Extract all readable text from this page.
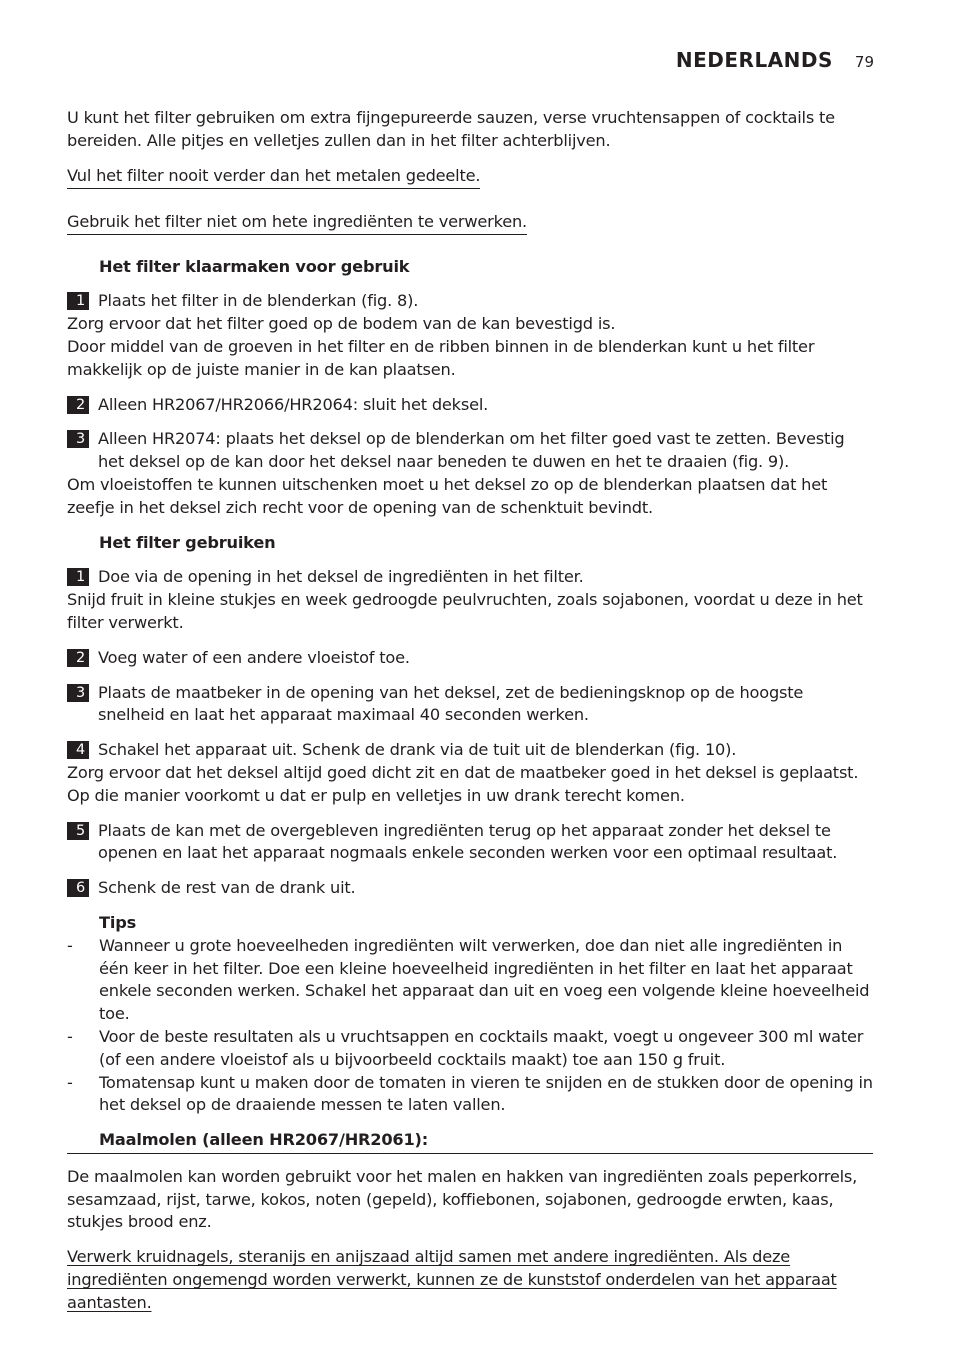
NEDERLANDS 79

U kunt het filter gebruiken om extra fijngepureerde sauzen, verse vruchtensappen of cocktails te bereiden. Alle pitjes en velletjes zullen dan in het filter achterblijven.

Vul het filter nooit verder dan het metalen gedeelte.
Gebruik het filter niet om hete ingrediënten te verwerken.

Het filter klaarmaken voor gebruik

1 Plaats het filter in de blenderkan (fig. 8).

Zorg ervoor dat het filter goed op de bodem van de kan bevestigd is.

Door middel van de groeven in het filter en de ribben binnen in de blenderkan kunt u het filter makkelijk op de juiste manier in de kan plaatsen.

2 Alleen HR2067/HR2066/HR2064: sluit het deksel.
3 Alleen HR2074: plaats het deksel op de blenderkan om het filter goed vast te zetten. Bevestig het deksel op de kan door het deksel naar beneden te duwen en het te draaien (fig. 9).

Om vloeistoffen te kunnen uitschenken moet u het deksel zo op de blenderkan plaatsen dat het zeefje in het deksel zich recht voor de opening van de schenktuit bevindt.

Het filter gebruiken

1 Doe via de opening in het deksel de ingrediënten in het filter.

Snijd fruit in kleine stukjes en week gedroogde peulvruchten, zoals sojabonen, voordat u deze in het filter verwerkt.

2 Voeg water of een andere vloeistof toe.
3 Plaats de maatbeker in de opening van het deksel, zet de bedieningsknop op de hoogste snelheid en laat het apparaat maximaal 40 seconden werken.
4 Schakel het apparaat uit. Schenk de drank via de tuit uit de blenderkan (fig. 10).

Zorg ervoor dat het deksel altijd goed dicht zit en dat de maatbeker goed in het deksel is geplaatst. Op die manier voorkomt u dat er pulp en velletjes in uw drank terecht komen.

5 Plaats de kan met de overgebleven ingrediënten terug op het apparaat zonder het deksel te openen en laat het apparaat nogmaals enkele seconden werken voor een optimaal resultaat.
6 Schenk de rest van de drank uit.

Tips

-	Wanneer u grote hoeveelheden ingrediënten wilt verwerken, doe dan niet alle ingrediënten in één keer in het filter. Doe een kleine hoeveelheid ingrediënten in het filter en laat het apparaat enkele seconden werken. Schakel het apparaat dan uit en voeg een volgende kleine hoeveelheid toe.
-	Voor de beste resultaten als u vruchtsappen en cocktails maakt, voegt u ongeveer 300 ml water (of een andere vloeistof als u bijvoorbeeld cocktails maakt) toe aan 150 g fruit.
-	Tomatensap kunt u maken door de tomaten in vieren te snijden en de stukken door de opening in het deksel op de draaiende messen te laten vallen.

Maalmolen (alleen HR2067/HR2061):

De maalmolen kan worden gebruikt voor het malen en hakken van ingrediënten zoals peperkorrels, sesamzaad, rijst, tarwe, kokos, noten (gepeld), koffiebonen, sojabonen, gedroogde erwten, kaas, stukjes brood enz.

Verwerk kruidnagels, steranijs en anijszaad altijd samen met andere ingrediënten. Als deze ingrediënten ongemengd worden verwerkt, kunnen ze de kunststof onderdelen van het apparaat aantasten.
